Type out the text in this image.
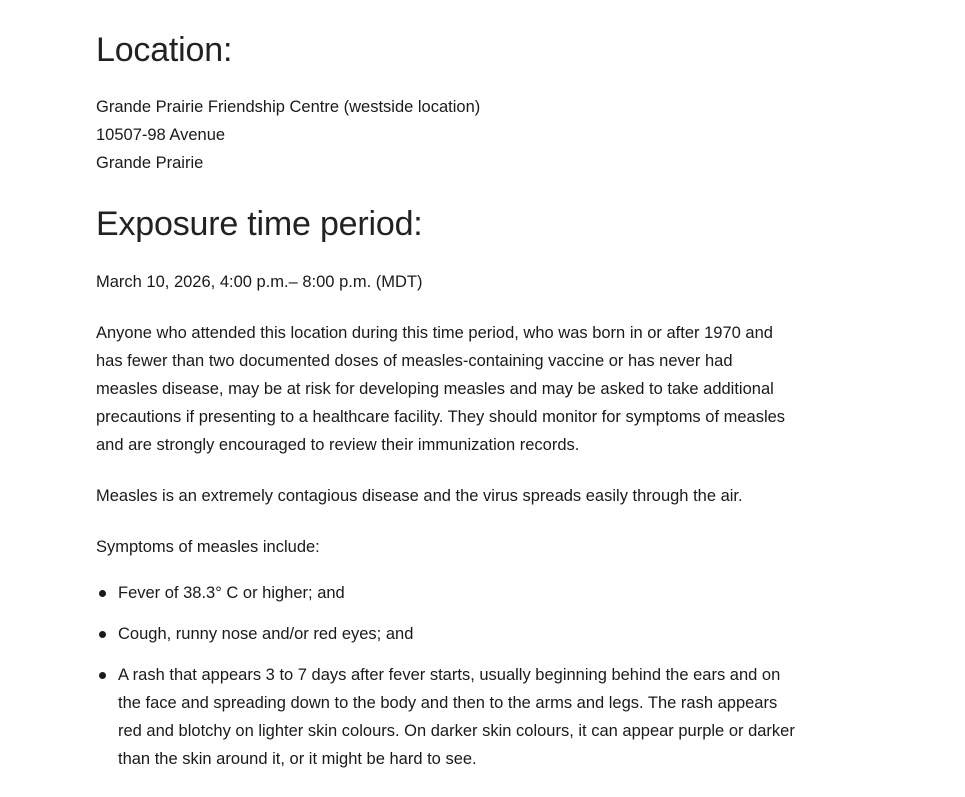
Location:
Grande Prairie Friendship Centre (westside location)
10507-98 Avenue
Grande Prairie
Exposure time period:

March 10, 2026, 4:00 p.m.– 8:00 p.m. (MDT)

Anyone who attended this location during this time period, who was born in or after 1970 and has fewer than two documented doses of measles-containing vaccine or has never had measles disease, may be at risk for developing measles and may be asked to take additional precautions if presenting to a healthcare facility. They should monitor for symptoms of measles and are strongly encouraged to review their immunization records.

Measles is an extremely contagious disease and the virus spreads easily through the air.

Symptoms of measles include:

Fever of 38.3° C or higher; and
Cough, runny nose and/or red eyes; and
A rash that appears 3 to 7 days after fever starts, usually beginning behind the ears and on the face and spreading down to the body and then to the arms and legs. The rash appears red and blotchy on lighter skin colours. On darker skin colours, it can appear purple or darker than the skin around it, or it might be hard to see.
